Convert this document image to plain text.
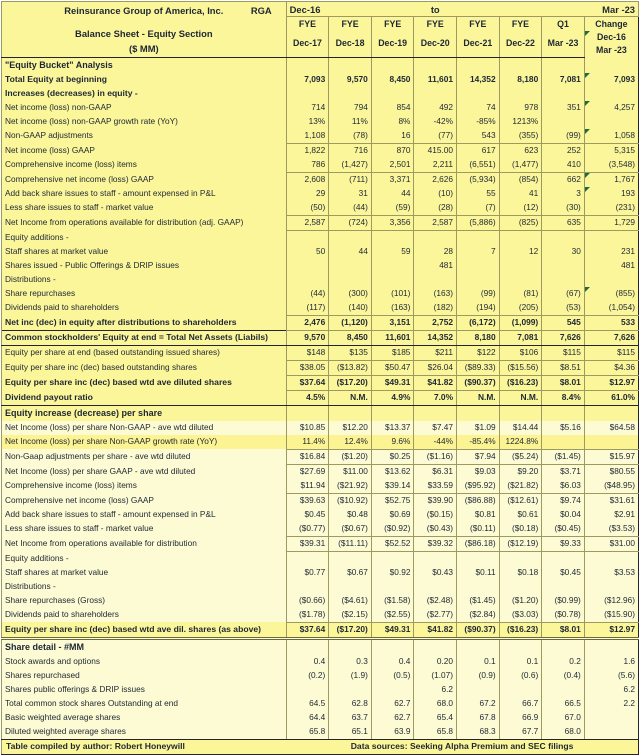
Reinsurance Group of America, Inc. RGA
Balance Sheet - Equity Section
($ MM)	Dec-16	to					Mar -23	
	FYE	FYE	FYE	FYE	FYE	FYE	Q1	Change
	Dec-17	Dec-18	Dec-19	Dec-20	Dec-21	Dec-22	Mar -23	Dec-16
Mar -23

"Equity Bucket" Analysis								
Total Equity at beginning	7,093	9,570	8,450	11,601	14,352	8,180	7,081	7,093
Increases (decreases) in equity -								
Net income (loss) non-GAAP	714	794	854	492	74	978	351	4,257
Net income (loss) non-GAAP growth rate (YoY)	13%	11%	8%	-42%	-85%	1213%		
Non-GAAP adjustments	1,108	(78)	16	(77)	543	(355)	(99)	1,058
Net income (loss) GAAP	1,822	716	870	415.00	617	623	252	5,315
Comprehensive income (loss) items	786	(1,427)	2,501	2,211	(6,551)	(1,477)	410	(3,548)
Comprehensive net income (loss) GAAP	2,608	(711)	3,371	2,626	(5,934)	(854)	662	1,767
Add back share issues to staff - amount expensed in P&L	29	31	44	(10)	55	41	3	193
Less share issues to staff - market value	(50)	(44)	(59)	(28)	(7)	(12)	(30)	(231)
Net Income from operations available for distribution (adj. GAAP)	2,587	(724)	3,356	2,587	(5,886)	(825)	635	1,729
Equity additions -								
Staff shares at market value	50	44	59	28	7	12	30	231
Shares issued - Public Offerings & DRIP issues				481				481
Distributions -								
Share repurchases	(44)	(300)	(101)	(163)	(99)	(81)	(67)	(855)
Dividends paid to shareholders	(117)	(140)	(163)	(182)	(194)	(205)	(53)	(1,054)
Net inc (dec) in equity after distributions to shareholders	2,476	(1,120)	3,151	2,752	(6,172)	(1,099)	545	533
Common stockholders' Equity at end = Total Net Assets (Liabils)	9,570	8,450	11,601	14,352	8,180	7,081	7,626	7,626
Equity per share at end (based outstanding issued shares)	$148	$135	$185	$211	$122	$106	$115	$115
Equity per share inc (dec) based outstanding shares	$38.05	($13.82)	$50.47	$26.04	($89.33)	($15.56)	$8.51	$4.36
Equity per share inc (dec) based wtd ave diluted shares	$37.64	($17.20)	$49.31	$41.82	($90.37)	($16.23)	$8.01	$12.97
Dividend payout ratio	4.5%	N.M.	4.9%	7.0%	N.M.	N.M.	8.4%	61.0%
Equity increase (decrease) per share								
Net Income (loss) per share Non-GAAP - ave wtd diluted	$10.85	$12.20	$13.37	$7.47	$1.09	$14.44	$5.16	$64.58
Net Income (loss) per share Non-GAAP growth rate (YoY)	11.4%	12.4%	9.6%	-44%	-85.4%	1224.8%		
Non-Gaap adjustments per share - ave wtd diluted	$16.84	($1.20)	$0.25	($1.16)	$7.94	($5.24)	($1.45)	$15.97
Net Income (loss) per share GAAP - ave wtd diluted	$27.69	$11.00	$13.62	$6.31	$9.03	$9.20	$3.71	$80.55
Comprehensive income (loss) items	$11.94	($21.92)	$39.14	$33.59	($95.92)	($21.82)	$6.03	($48.95)
Comprehensive net income (loss) GAAP	$39.63	($10.92)	$52.75	$39.90	($86.88)	($12.61)	$9.74	$31.61
Add back share issues to staff - amount expensed in P&L	$0.45	$0.48	$0.69	($0.15)	$0.81	$0.61	$0.04	$2.91
Less share issues to staff - market value	($0.77)	($0.67)	($0.92)	($0.43)	($0.11)	($0.18)	($0.45)	($3.53)
Net Income from operations available for distribution	$39.31	($11.11)	$52.52	$39.32	($86.18)	($12.19)	$9.33	$31.00
Equity additions -								
Staff shares at market value	$0.77	$0.67	$0.92	$0.43	$0.11	$0.18	$0.45	$3.53
Distributions -								
Share repurchases (Gross)	($0.66)	($4.61)	($1.58)	($2.48)	($1.45)	($1.20)	($0.99)	($12.96)
Dividends paid to shareholders	($1.78)	($2.15)	($2.55)	($2.77)	($2.84)	($3.03)	($0.78)	($15.90)
Equity per share inc (dec) based wtd ave dil. shares (as above)	$37.64	($17.20)	$49.31	$41.82	($90.37)	($16.23)	$8.01	$12.97
Share detail - #MM								
Stock awards and options	0.4	0.3	0.4	0.20	0.1	0.1	0.2	1.6
Shares repurchased	(0.2)	(1.9)	(0.5)	(1.07)	(0.9)	(0.6)	(0.4)	(5.6)
Shares public offerings & DRIP issues				6.2				6.2
Total common stock shares Outstanding at end	64.5	62.8	62.7	68.0	67.2	66.7	66.5	2.2
Basic weighted average shares	64.4	63.7	62.7	65.4	67.8	66.9	67.0	
Diluted weighted average shares	65.8	65.1	63.9	65.8	68.3	67.7	68.0	
Table compiled by author: Robert Honeywill	Data sources: Seeking Alpha Premium and SEC filings							
